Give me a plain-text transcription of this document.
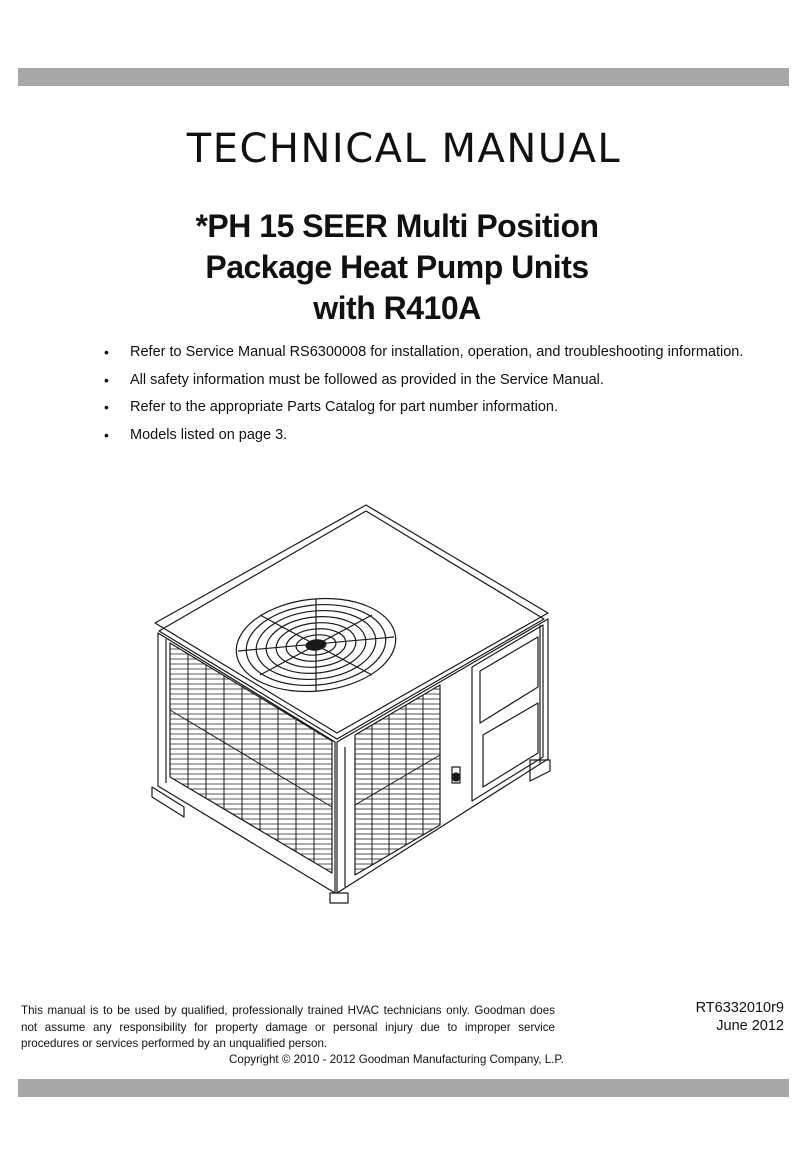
TECHNICAL MANUAL
*PH 15 SEER Multi Position
Package Heat Pump Units
with R410A
• Refer to Service Manual RS6300008 for installation, operation, and troubleshooting information.
• All safety information must be followed as provided in the Service Manual.
• Refer to the appropriate Parts Catalog for part number information.
• Models listed on page 3.
This manual is to be used by qualified, professionally trained HVAC technicians only. Goodman does not assume any responsibility for property damage or personal injury due to improper service procedures or services performed by an unqualified person.
RT6332010r9
June 2012
Copyright © 2010 - 2012 Goodman Manufacturing Company, L.P.
